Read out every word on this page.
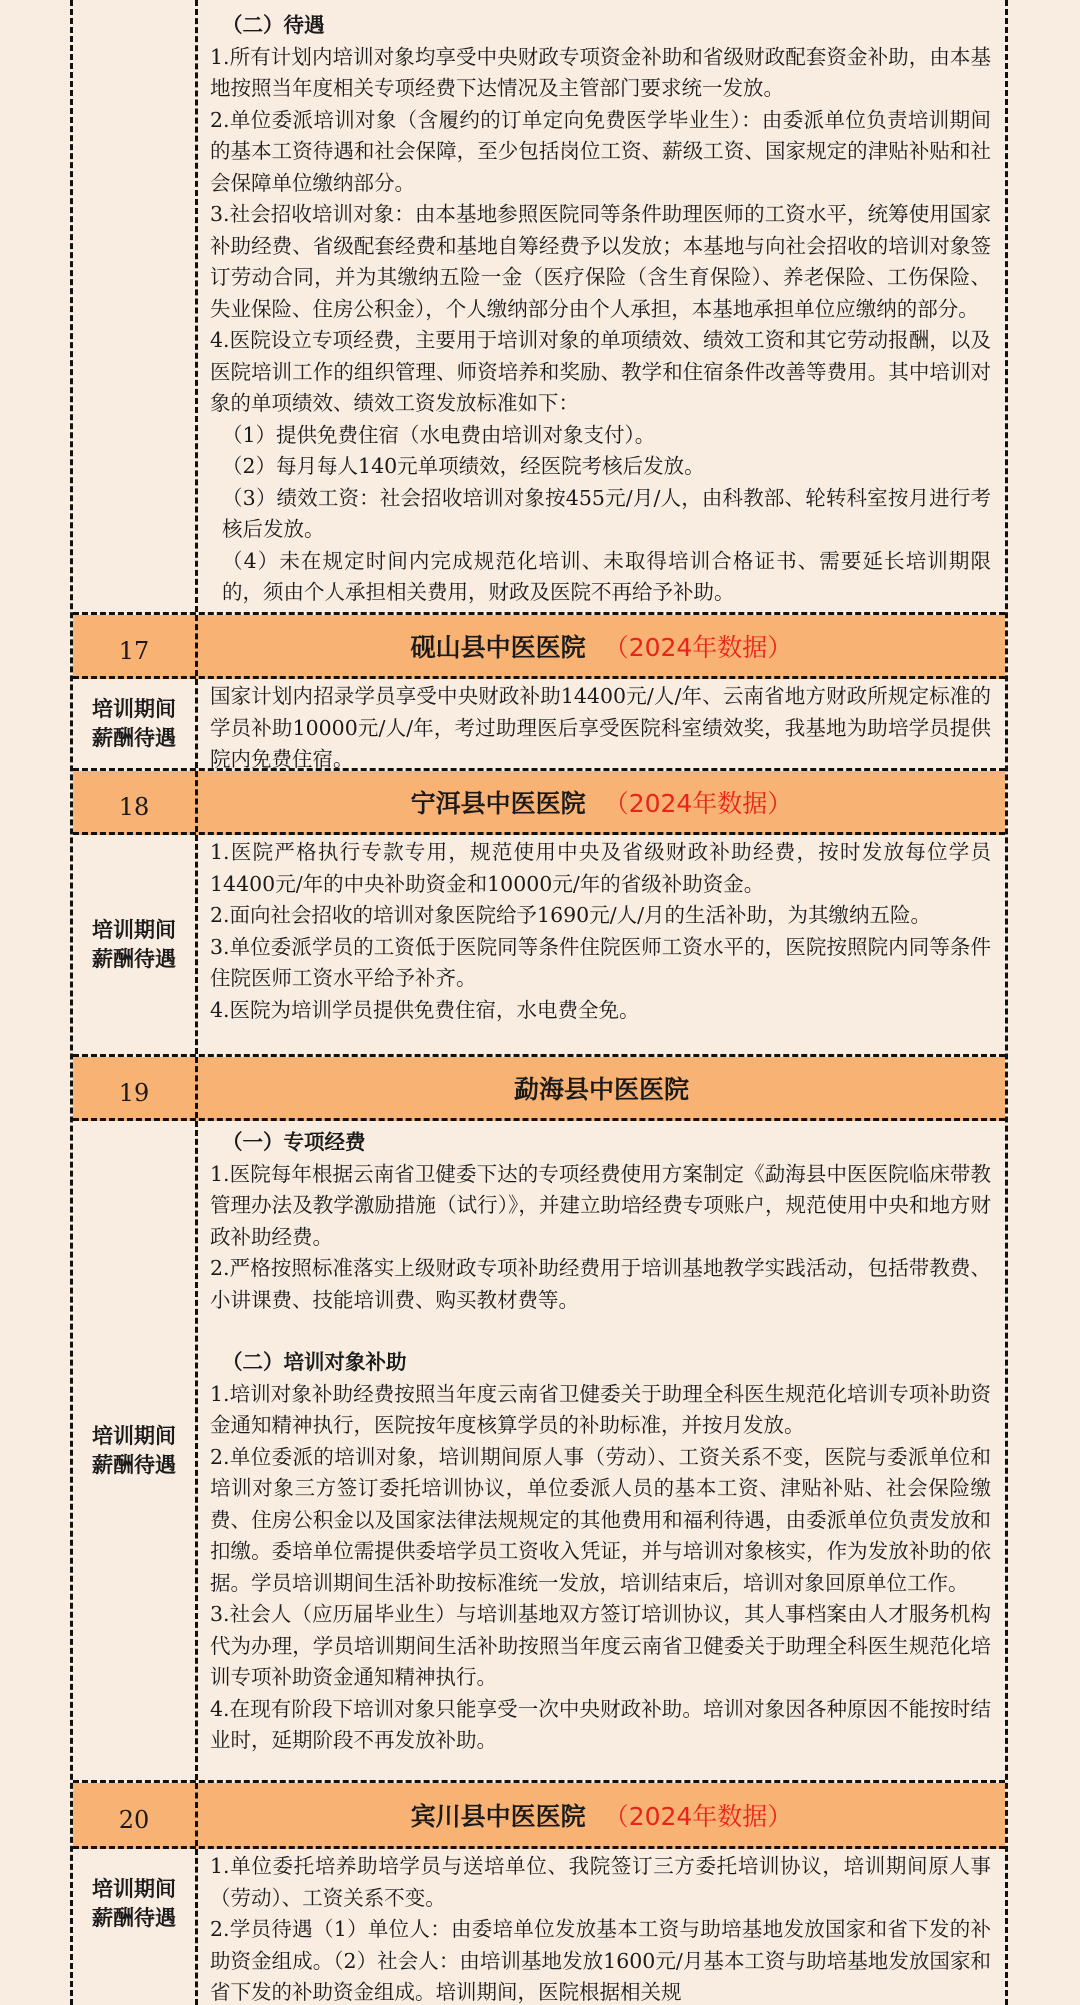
（二）待遇

1.所有计划内培训对象均享受中央财政专项资金补助和省级财政配套资金补助，由本基地按照当年度相关专项经费下达情况及主管部门要求统一发放。

2.单位委派培训对象（含履约的订单定向免费医学毕业生）：由委派单位负责培训期间的基本工资待遇和社会保障，至少包括岗位工资、薪级工资、国家规定的津贴补贴和社会保障单位缴纳部分。

3.社会招收培训对象：由本基地参照医院同等条件助理医师的工资水平，统筹使用国家补助经费、省级配套经费和基地自筹经费予以发放；本基地与向社会招收的培训对象签订劳动合同，并为其缴纳五险一金（医疗保险（含生育保险）、养老保险、工伤保险、失业保险、住房公积金），个人缴纳部分由个人承担，本基地承担单位应缴纳的部分。

4.医院设立专项经费，主要用于培训对象的单项绩效、绩效工资和其它劳动报酬，以及医院培训工作的组织管理、师资培养和奖励、教学和住宿条件改善等费用。其中培训对象的单项绩效、绩效工资发放标准如下：

（1）提供免费住宿（水电费由培训对象支付）。

（2）每月每人140元单项绩效，经医院考核后发放。

（3）绩效工资：社会招收培训对象按455元/月/人，由科教部、轮转科室按月进行考核后发放。

（4）未在规定时间内完成规范化培训、未取得培训合格证书、需要延长培训期限的，须由个人承担相关费用，财政及医院不再给予补助。

17	砚山县中医医院 （2024年数据）
培训期间
薪酬待遇

国家计划内招录学员享受中央财政补助14400元/人/年、云南省地方财政所规定标准的学员补助10000元/人/年，考过助理医后享受医院科室绩效奖，我基地为助培学员提供院内免费住宿。

18	宁洱县中医医院 （2024年数据）
培训期间
薪酬待遇

1.医院严格执行专款专用，规范使用中央及省级财政补助经费，按时发放每位学员14400元/年的中央补助资金和10000元/年的省级补助资金。

2.面向社会招收的培训对象医院给予1690元/人/月的生活补助，为其缴纳五险。

3.单位委派学员的工资低于医院同等条件住院医师工资水平的，医院按照院内同等条件住院医师工资水平给予补齐。

4.医院为培训学员提供免费住宿，水电费全免。

19	勐海县中医医院
培训期间
薪酬待遇

（一）专项经费

1.医院每年根据云南省卫健委下达的专项经费使用方案制定《勐海县中医医院临床带教管理办法及教学激励措施（试行）》，并建立助培经费专项账户，规范使用中央和地方财政补助经费。

2.严格按照标准落实上级财政专项补助经费用于培训基地教学实践活动，包括带教费、小讲课费、技能培训费、购买教材费等。

（二）培训对象补助

1.培训对象补助经费按照当年度云南省卫健委关于助理全科医生规范化培训专项补助资金通知精神执行，医院按年度核算学员的补助标准，并按月发放。

2.单位委派的培训对象，培训期间原人事（劳动）、工资关系不变，医院与委派单位和培训对象三方签订委托培训协议，单位委派人员的基本工资、津贴补贴、社会保险缴费、住房公积金以及国家法律法规规定的其他费用和福利待遇，由委派单位负责发放和扣缴。委培单位需提供委培学员工资收入凭证，并与培训对象核实，作为发放补助的依据。学员培训期间生活补助按标准统一发放，培训结束后，培训对象回原单位工作。

3.社会人（应历届毕业生）与培训基地双方签订培训协议，其人事档案由人才服务机构代为办理，学员培训期间生活补助按照当年度云南省卫健委关于助理全科医生规范化培训专项补助资金通知精神执行。

4.在现有阶段下培训对象只能享受一次中央财政补助。培训对象因各种原因不能按时结业时，延期阶段不再发放补助。

20	宾川县中医医院 （2024年数据）
培训期间
薪酬待遇

1.单位委托培养助培学员与送培单位、我院签订三方委托培训协议，培训期间原人事（劳动）、工资关系不变。

2.学员待遇（1）单位人：由委培单位发放基本工资与助培基地发放国家和省下发的补助资金组成。（2）社会人：由培训基地发放1600元/月基本工资与助培基地发放国家和省下发的补助资金组成。培训期间，医院根据相关规
